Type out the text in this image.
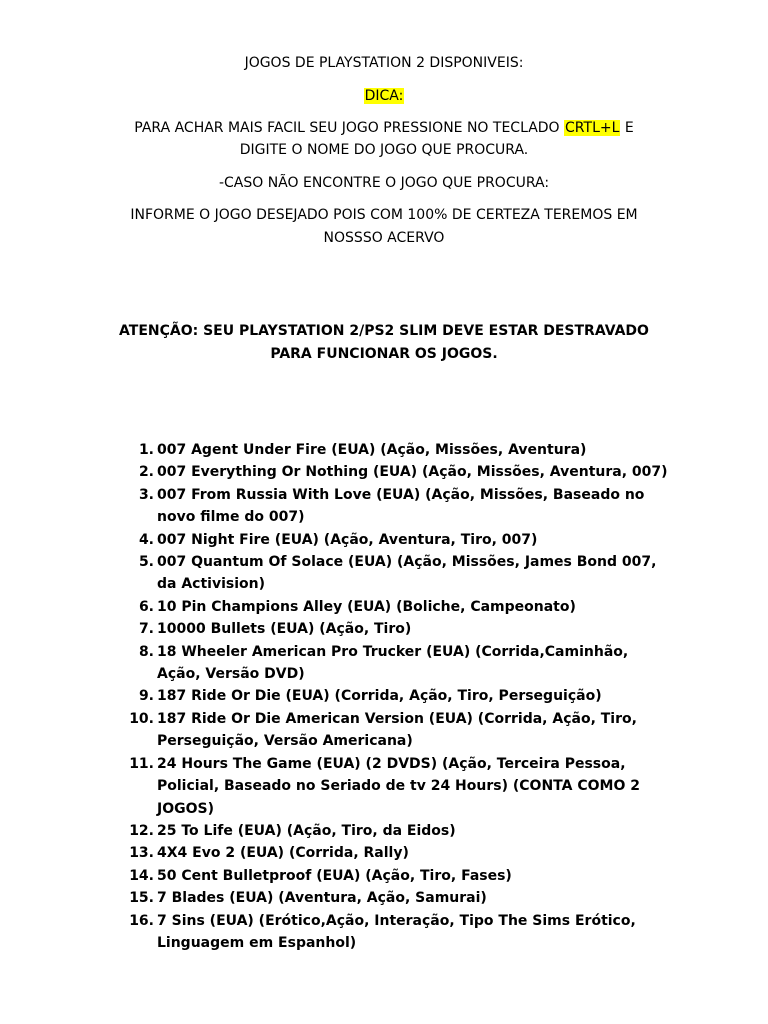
JOGOS DE PLAYSTATION 2 DISPONIVEIS:
DICA:
PARA ACHAR MAIS FACIL SEU JOGO PRESSIONE NO TECLADO CRTL+L E
DIGITE O NOME DO JOGO QUE PROCURA.
-CASO NÃO ENCONTRE O JOGO QUE PROCURA:
INFORME O JOGO DESEJADO POIS COM 100% DE CERTEZA TEREMOS EM
NOSSSO ACERVO
ATENÇÃO: SEU PLAYSTATION 2/PS2 SLIM DEVE ESTAR DESTRAVADO
PARA FUNCIONAR OS JOGOS.
1. 007 Agent Under Fire (EUA) (Ação, Missões, Aventura)
2. 007 Everything Or Nothing (EUA) (Ação, Missões, Aventura, 007)
3. 007 From Russia With Love (EUA) (Ação, Missões, Baseado no novo filme do 007)
4. 007 Night Fire (EUA) (Ação, Aventura, Tiro, 007)
5. 007 Quantum Of Solace (EUA) (Ação, Missões, James Bond 007, da Activision)
6. 10 Pin Champions Alley (EUA) (Boliche, Campeonato)
7. 10000 Bullets (EUA) (Ação, Tiro)
8. 18 Wheeler American Pro Trucker (EUA) (Corrida,Caminhão, Ação, Versão DVD)
9. 187 Ride Or Die (EUA) (Corrida, Ação, Tiro, Perseguição)
10. 187 Ride Or Die American Version (EUA) (Corrida, Ação, Tiro, Perseguição, Versão Americana)
11. 24 Hours The Game (EUA) (2 DVDS) (Ação, Terceira Pessoa, Policial, Baseado no Seriado de tv 24 Hours) (CONTA COMO 2 JOGOS)
12. 25 To Life (EUA) (Ação, Tiro, da Eidos)
13. 4X4 Evo 2 (EUA) (Corrida, Rally)
14. 50 Cent Bulletproof (EUA) (Ação, Tiro, Fases)
15. 7 Blades (EUA) (Aventura, Ação, Samurai)
16. 7 Sins (EUA) (Erótico,Ação, Interação, Tipo The Sims Erótico, Linguagem em Espanhol)
